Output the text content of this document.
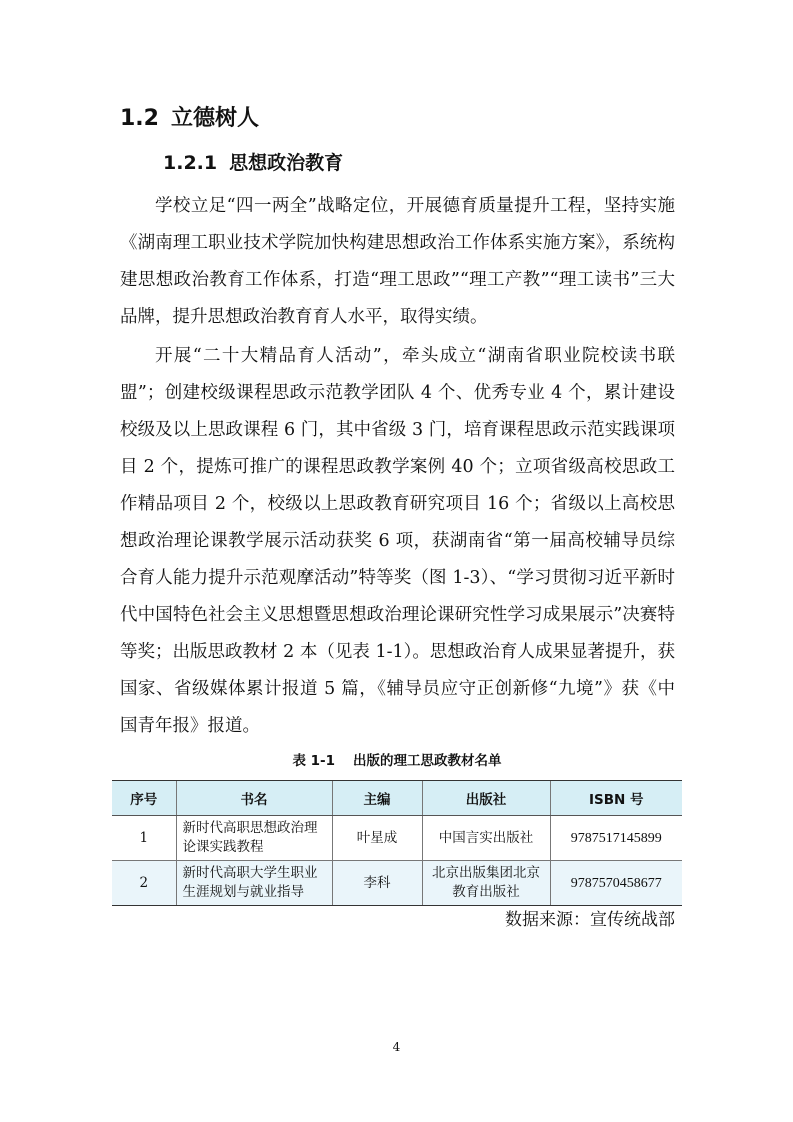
1.2 立德树人
1.2.1 思想政治教育

学校立足“四一两全”战略定位，开展德育质量提升工程，坚持实施《湖南理工职业技术学院加快构建思想政治工作体系实施方案》，系统构建思想政治教育工作体系，打造“理工思政”“理工产教”“理工读书”三大品牌，提升思想政治教育育人水平，取得实绩。

开展“二十大精品育人活动”，牵头成立“湖南省职业院校读书联盟”；创建校级课程思政示范教学团队 4 个、优秀专业 4 个，累计建设校级及以上思政课程 6 门，其中省级 3 门，培育课程思政示范实践课项目 2 个，提炼可推广的课程思政教学案例 40 个；立项省级高校思政工作精品项目 2 个，校级以上思政教育研究项目 16 个；省级以上高校思想政治理论课教学展示活动获奖 6 项，获湖南省“第一届高校辅导员综合育人能力提升示范观摩活动”特等奖（图 1-3）、“学习贯彻习近平新时代中国特色社会主义思想暨思想政治理论课研究性学习成果展示”决赛特等奖；出版思政教材 2 本（见表 1-1）。思想政治育人成果显著提升，获国家、省级媒体累计报道 5 篇，《辅导员应守正创新修“九境”》获《中国青年报》报道。

表 1-1 出版的理工思政教材名单
序号	书名	主编	出版社	ISBN 号
1	新时代高职思想政治理论课实践教程	叶星成	中国言实出版社	9787517145899
2	新时代高职大学生职业生涯规划与就业指导	李科	北京出版集团北京教育出版社	9787570458677
数据来源：宣传统战部
4
